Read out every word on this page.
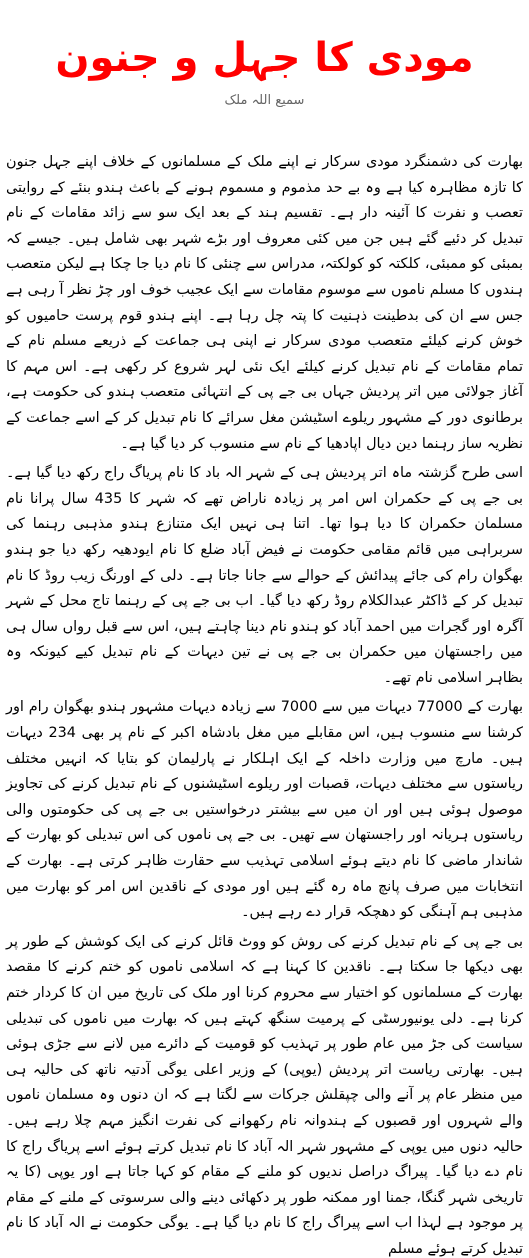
مودی کا جہل و جنون
سمیع اللہ ملک

بھارت کی دشمنگرد مودی سرکار نے اپنے ملک کے مسلمانوں کے خلاف اپنے جہل جنون کا تازہ مظاہرہ کیا ہے وہ بے حد مذموم و مسموم ہونے کے باعث ہندو بنئے کے روایتی تعصب و نفرت کا آئینہ دار ہے۔ تقسیم ہند کے بعد ایک سو سے زائد مقامات کے نام تبدیل کر دئیے گئے ہیں جن میں کئی معروف اور بڑے شہر بھی شامل ہیں۔ جیسے کہ بمبئی کو ممبئی، کلکتہ کو کولکتہ، مدراس سے چنئی کا نام دیا جا چکا ہے لیکن متعصب ہندوں کا مسلم ناموں سے موسوم مقامات سے ایک عجیب خوف اور چڑ نظر آ رہی ہے جس سے ان کی بدطینت ذہنیت کا پتہ چل رہا ہے۔ اپنے ہندو قوم پرست حامیوں کو خوش کرنے کیلئے متعصب مودی سرکار نے اپنی ہی جماعت کے ذریعے مسلم نام کے تمام مقامات کے نام تبدیل کرنے کیلئے ایک نئی لہر شروع کر رکھی ہے۔ اس مہم کا آغاز جولائی میں اتر پردیش جہاں بی جے پی کے انتہائی متعصب ہندو کی حکومت ہے، برطانوی دور کے مشہور ریلوے اسٹیشن مغل سرائے کا نام تبدیل کر کے اسے جماعت کے نظریہ ساز رہنما دین دیال اپادھیا کے نام سے منسوب کر دیا گیا ہے۔

اسی طرح گزشتہ ماہ اتر پردیش ہی کے شہر الہ باد کا نام پریاگ راج رکھ دیا گیا ہے۔ بی جے پی کے حکمران اس امر پر زیادہ ناراض تھے کہ شہر کا 435 سال پرانا نام مسلمان حکمران کا دیا ہوا تھا۔ اتنا ہی نہیں ایک متنازع ہندو مذہبی رہنما کی سربراہی میں قائم مقامی حکومت نے فیض آباد ضلع کا نام ایودھیہ رکھ دیا جو ہندو بھگوان رام کی جائے پیدائش کے حوالے سے جانا جاتا ہے۔ دلی کے اورنگ زیب روڈ کا نام تبدیل کر کے ڈاکٹر عبدالکلام روڈ رکھ دیا گیا۔ اب بی جے پی کے رہنما تاج محل کے شہر آگرہ اور گجرات میں احمد آباد کو ہندو نام دینا چاہتے ہیں، اس سے قبل رواں سال ہی میں راجستھان میں حکمران بی جے پی نے تین دیہات کے نام تبدیل کیے کیونکہ وہ بظاہر اسلامی نام تھے۔

بھارت کے 77000 دیہات میں سے 7000 سے زیادہ دیہات مشہور ہندو بھگوان رام اور کرشنا سے منسوب ہیں، اس مقابلے میں مغل بادشاہ اکبر کے نام پر بھی 234 دیہات ہیں۔ مارچ میں وزارت داخلہ کے ایک اہلکار نے پارلیمان کو بتایا کہ انہیں مختلف ریاستوں سے مختلف دیہات، قصبات اور ریلوے اسٹیشنوں کے نام تبدیل کرنے کی تجاویز موصول ہوئی ہیں اور ان میں سے بیشتر درخواستیں بی جے پی کی حکومتوں والی ریاستوں ہریانہ اور راجستھان سے تھیں۔ بی جے پی ناموں کی اس تبدیلی کو بھارت کے شاندار ماضی کا نام دیتے ہوئے اسلامی تہذیب سے حقارت ظاہر کرتی ہے۔ بھارت کے انتخابات میں صرف پانچ ماہ رہ گئے ہیں اور مودی کے ناقدین اس امر کو بھارت میں مذہبی ہم آہنگی کو دھچکہ قرار دے رہے ہیں۔

بی جے پی کے نام تبدیل کرنے کی روش کو ووٹ قائل کرنے کی ایک کوشش کے طور پر بھی دیکھا جا سکتا ہے۔ ناقدین کا کہنا ہے کہ اسلامی ناموں کو ختم کرنے کا مقصد بھارت کے مسلمانوں کو اختیار سے محروم کرنا اور ملک کی تاریخ میں ان کا کردار ختم کرنا ہے۔ دلی یونیورسٹی کے پرمیت سنگھ کہتے ہیں کہ بھارت میں ناموں کی تبدیلی سیاست کی جڑ میں عام طور پر تہذیب کو قومیت کے دائرے میں لانے سے جڑی ہوئی ہیں۔ بھارتی ریاست اتر پردیش (یوپی) کے وزیر اعلی یوگی آدتیہ ناتھ کی حالیہ ہی میں منظر عام پر آنے والی چپقلش جرکات سے لگتا ہے کہ ان دنوں وہ مسلمان ناموں والے شہروں اور قصبوں کے ہندوانہ نام رکھوانے کی نفرت انگیز مہم چلا رہے ہیں۔ حالیہ دنوں میں یوپی کے مشہور شہر الہ آباد کا نام تبدیل کرتے ہوئے اسے پریاگ راج کا نام دے دیا گیا۔ پیراگ دراصل ندیوں کو ملنے کے مقام کو کہا جاتا ہے اور یوپی (کا یہ تاریخی شہر گنگا، جمنا اور ممکنہ طور پر دکھائی دینے والی سرسوتی کے ملنے کے مقام پر موجود ہے لہذا اب اسے پیراگ راج کا نام دیا گیا ہے۔ یوگی حکومت نے الہ آباد کا نام تبدیل کرتے ہوئے مسلم
